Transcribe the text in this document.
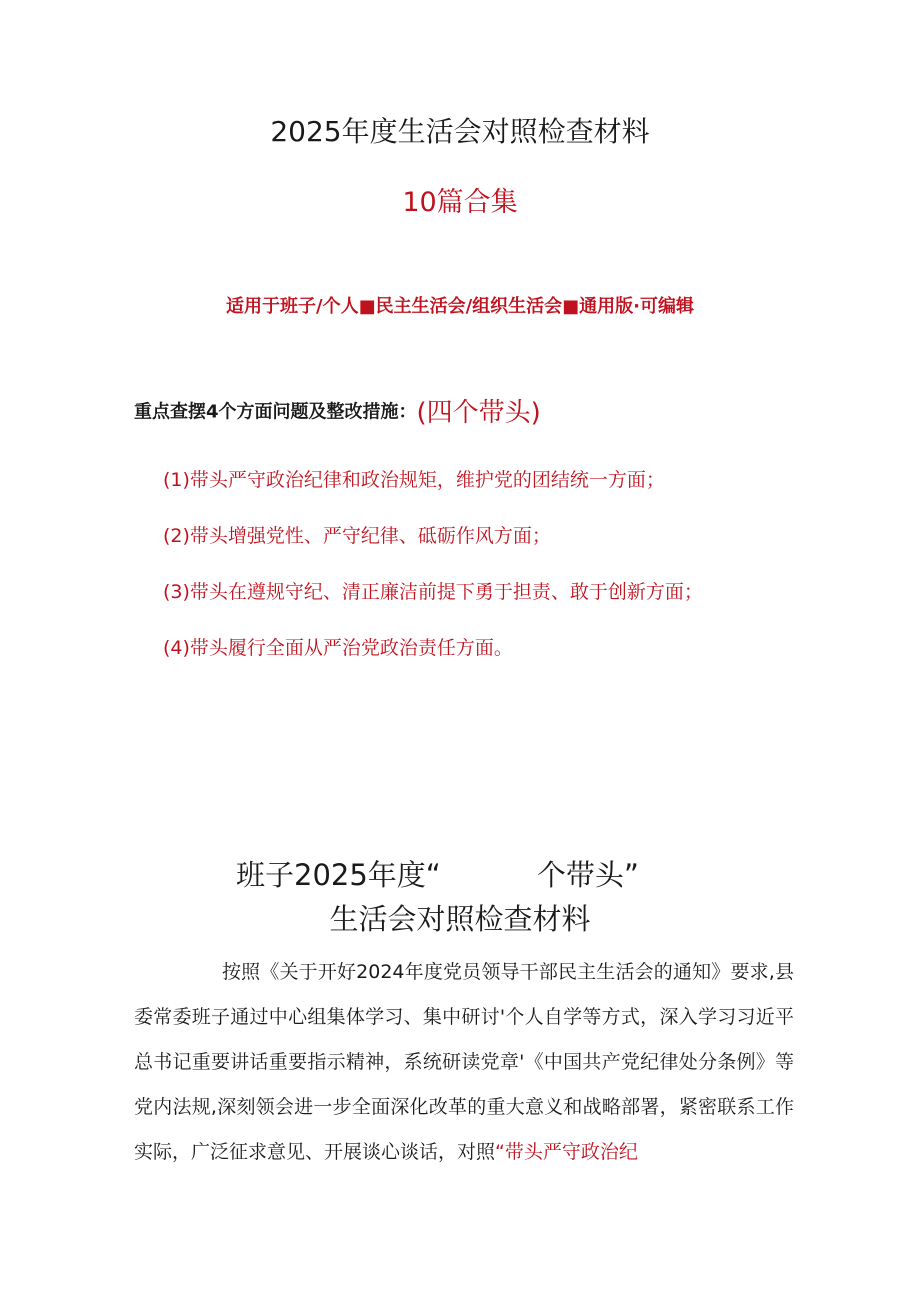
2025年度生活会对照检查材料
10篇合集
适用于班子/个人■民主生活会/组织生活会■通用版·可编辑
重点查摆4个方面问题及整改措施：(四个带头)
(1)带头严守政治纪律和政治规矩，维护党的团结统一方面；
(2)带头增强党性、严守纪律、砥砺作风方面；
(3)带头在遵规守纪、清正廉洁前提下勇于担责、敢于创新方面；
(4)带头履行全面从严治党政治责任方面。
班子2025年度“	个带头”
生活会对照检查材料

按照《关于开好2024年度党员领导干部民主生活会的通知》要求,县委常委班子通过中心组集体学习、集中研讨'个人自学等方式，深入学习习近平总书记重要讲话重要指示精神，系统研读党章'《中国共产党纪律处分条例》等党内法规,深刻领会进一步全面深化改革的重大意义和战略部署，紧密联系工作实际，广泛征求意见、开展谈心谈话，对照“带头严守政治纪
